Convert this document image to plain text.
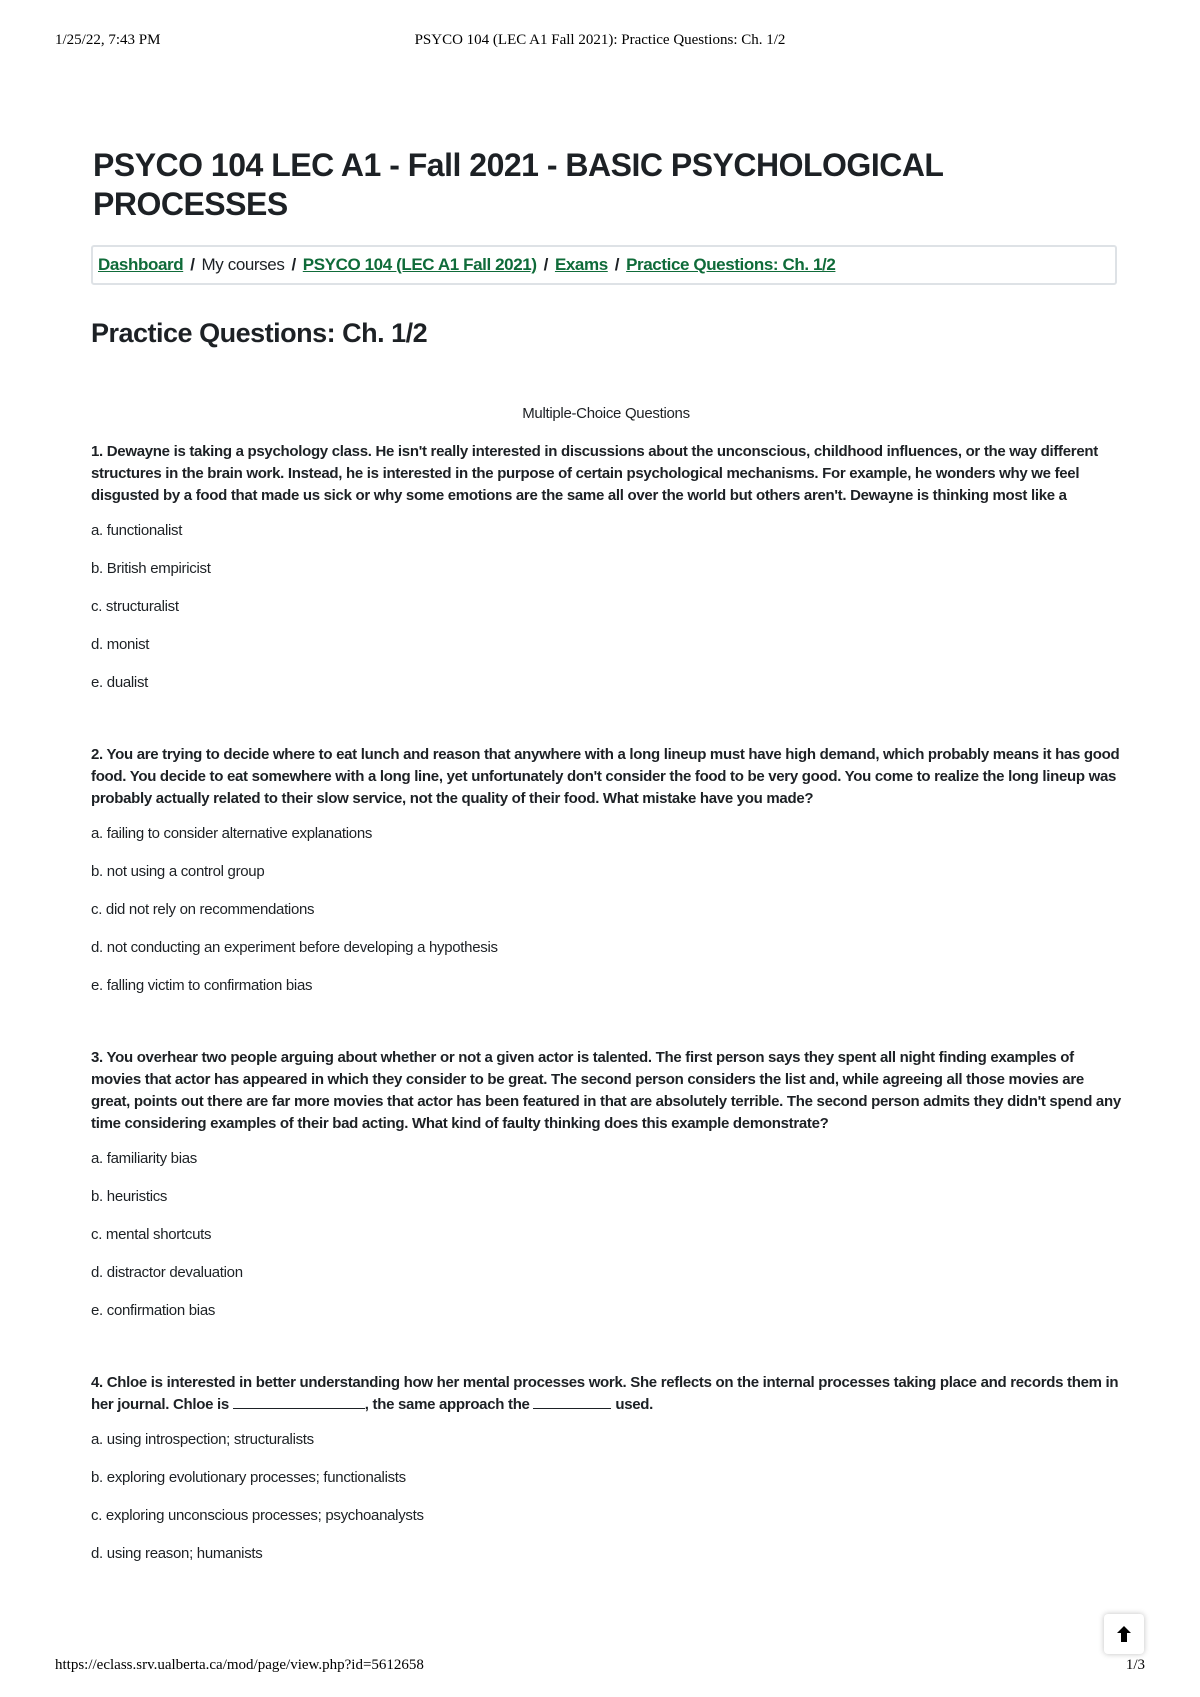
1/25/22, 7:43 PM	PSYCO 104 (LEC A1 Fall 2021): Practice Questions: Ch. 1/2
PSYCO 104 LEC A1 - Fall 2021 - BASIC PSYCHOLOGICAL PROCESSES
Dashboard / My courses / PSYCO 104 (LEC A1 Fall 2021) / Exams / Practice Questions: Ch. 1/2
Practice Questions: Ch. 1/2
Multiple-Choice Questions
1. Dewayne is taking a psychology class. He isn't really interested in discussions about the unconscious, childhood influences, or the way different structures in the brain work. Instead, he is interested in the purpose of certain psychological mechanisms. For example, he wonders why we feel disgusted by a food that made us sick or why some emotions are the same all over the world but others aren't. Dewayne is thinking most like a
a. functionalist
b. British empiricist
c. structuralist
d. monist
e. dualist
2. You are trying to decide where to eat lunch and reason that anywhere with a long lineup must have high demand, which probably means it has good food. You decide to eat somewhere with a long line, yet unfortunately don't consider the food to be very good. You come to realize the long lineup was probably actually related to their slow service, not the quality of their food. What mistake have you made?
a. failing to consider alternative explanations
b. not using a control group
c. did not rely on recommendations
d. not conducting an experiment before developing a hypothesis
e. falling victim to confirmation bias
3. You overhear two people arguing about whether or not a given actor is talented. The first person says they spent all night finding examples of movies that actor has appeared in which they consider to be great. The second person considers the list and, while agreeing all those movies are great, points out there are far more movies that actor has been featured in that are absolutely terrible. The second person admits they didn't spend any time considering examples of their bad acting. What kind of faulty thinking does this example demonstrate?
a. familiarity bias
b. heuristics
c. mental shortcuts
d. distractor devaluation
e. confirmation bias
4. Chloe is interested in better understanding how her mental processes work. She reflects on the internal processes taking place and records them in her journal. Chloe is	, the same approach the	used.
a. using introspection; structuralists
b. exploring evolutionary processes; functionalists
c. exploring unconscious processes; psychoanalysts
d. using reason; humanists
https://eclass.srv.ualberta.ca/mod/page/view.php?id=5612658	1/3
